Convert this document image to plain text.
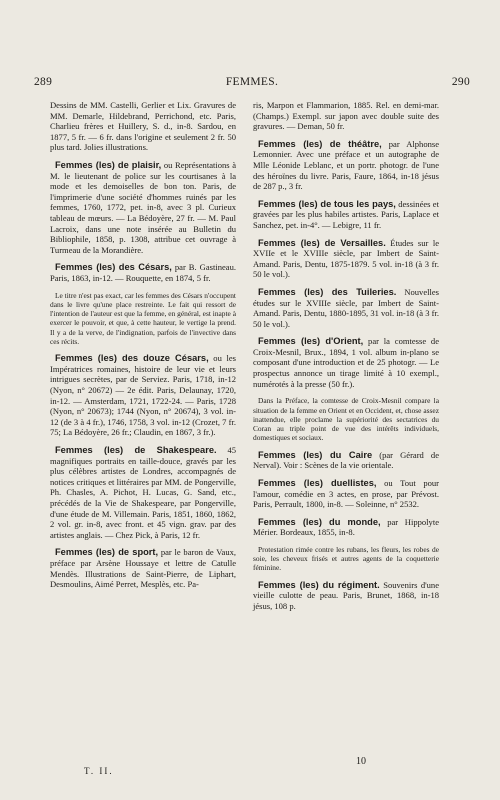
289	FEMMES.	290

Dessins de MM. Castelli, Gerlier et Lix. Gravures de MM. Demarle, Hildebrand, Perrichond, etc. Paris, Charlieu frères et Huillery, S. d., in-8. Sardou, en 1877, 5 fr. — 6 fr. dans l'origine et seulement 2 fr. 50 plus tard. Jolies illustrations.

Femmes (les) de plaisir, ou Représentations à M. le lieutenant de police sur les courtisanes à la mode et les demoiselles de bon ton. Paris, de l'imprimerie d'une société d'hommes ruinés par les femmes, 1760, 1772, pet. in-8, avec 3 pl. Curieux tableau de mœurs. — La Bédoyère, 27 fr. — M. Paul Lacroix, dans une note insérée au Bulletin du Bibliophile, 1858, p. 1308, attribue cet ouvrage à Turmeau de la Morandière.

Femmes (les) des Césars, par B. Gastineau. Paris, 1863, in-12. — Rouquette, en 1874, 5 fr.

Le titre n'est pas exact, car les femmes des Césars n'occupent dans le livre qu'une place restreinte. Le fait qui ressort de l'intention de l'auteur est que la femme, en général, est inapte à exercer le pouvoir, et que, à cette hauteur, le vertige la prend. Il y a de la verve, de l'indignation, parfois de l'invective dans ces récits.

Femmes (les) des douze Césars, ou les Impératrices romaines, histoire de leur vie et leurs intrigues secrètes, par de Serviez. Paris, 1718, in-12 (Nyon, n° 20672) — 2e édit. Paris, Delaunay, 1720, in-12. — Amsterdam, 1721, 1722-24. — Paris, 1728 (Nyon, n° 20673); 1744 (Nyon, n° 20674), 3 vol. in-12 (de 3 à 4 fr.), 1746, 1758, 3 vol. in-12 (Crozet, 7 fr. 75; La Bédoyère, 26 fr.; Claudin, en 1867, 3 fr.).

Femmes (les) de Shakespeare. 45 magnifiques portraits en taille-douce, gravés par les plus célèbres artistes de Londres, accompagnés de notices critiques et littéraires par MM. de Pongerville, Ph. Chasles, A. Pichot, H. Lucas, G. Sand, etc., précédés de la Vie de Shakespeare, par Pongerville, d'une étude de M. Villemain. Paris, 1851, 1860, 1862, 2 vol. gr. in-8, avec front. et 45 vign. grav. par des artistes anglais. — Chez Pick, à Paris, 12 fr.

Femmes (les) de sport, par le baron de Vaux, préface par Arsène Houssaye et lettre de Catulle Mendès. Illustrations de Saint-Pierre, de Liphart, Desmoulins, Aimé Perret, Mesplès, etc. Pa-

ris, Marpon et Flammarion, 1885. Rel. en demi-mar. (Champs.) Exempl. sur japon avec double suite des gravures. — Deman, 50 fr.

Femmes (les) de théâtre, par Alphonse Lemonnier. Avec une préface et un autographe de Mlle Léonide Leblanc, et un portr. photogr. de l'une des héroïnes du livre. Paris, Faure, 1864, in-18 jésus de 287 p., 3 fr.

Femmes (les) de tous les pays, dessinées et gravées par les plus habiles artistes. Paris, Laplace et Sanchez, pet. in-4°. — Lebigre, 11 fr.

Femmes (les) de Versailles. Études sur le XVIIe et le XVIIIe siècle, par Imbert de Saint-Amand. Paris, Dentu, 1875-1879. 5 vol. in-18 (à 3 fr. 50 le vol.).

Femmes (les) des Tuileries. Nouvelles études sur le XVIIIe siècle, par Imbert de Saint-Amand. Paris, Dentu, 1880-1895, 31 vol. in-18 (à 3 fr. 50 le vol.).

Femmes (les) d'Orient, par la comtesse de Croix-Mesnil, Brux., 1894, 1 vol. album in-plano se composant d'une introduction et de 25 photogr. — Le prospectus annonce un tirage limité à 10 exempl., numérotés à la presse (50 fr.).

Dans la Préface, la comtesse de Croix-Mesnil compare la situation de la femme en Orient et en Occident, et, chose assez inattendue, elle proclame la supériorité des sectatrices du Coran au triple point de vue des intérêts individuels, domestiques et sociaux.

Femmes (les) du Caire (par Gérard de Nerval). Voir : Scènes de la vie orientale.

Femmes (les) duellistes, ou Tout pour l'amour, comédie en 3 actes, en prose, par Prévost. Paris, Perrault, 1800, in-8. — Soleinne, n° 2532.

Femmes (les) du monde, par Hippolyte Mérier. Bordeaux, 1855, in-8.

Protestation rimée contre les rubans, les fleurs, les robes de soie, les cheveux frisés et autres agents de la coquetterie féminine.

Femmes (les) du régiment. Souvenirs d'une vieille culotte de peau. Paris, Brunet, 1868, in-18 jésus, 108 p.

T. II.
10
